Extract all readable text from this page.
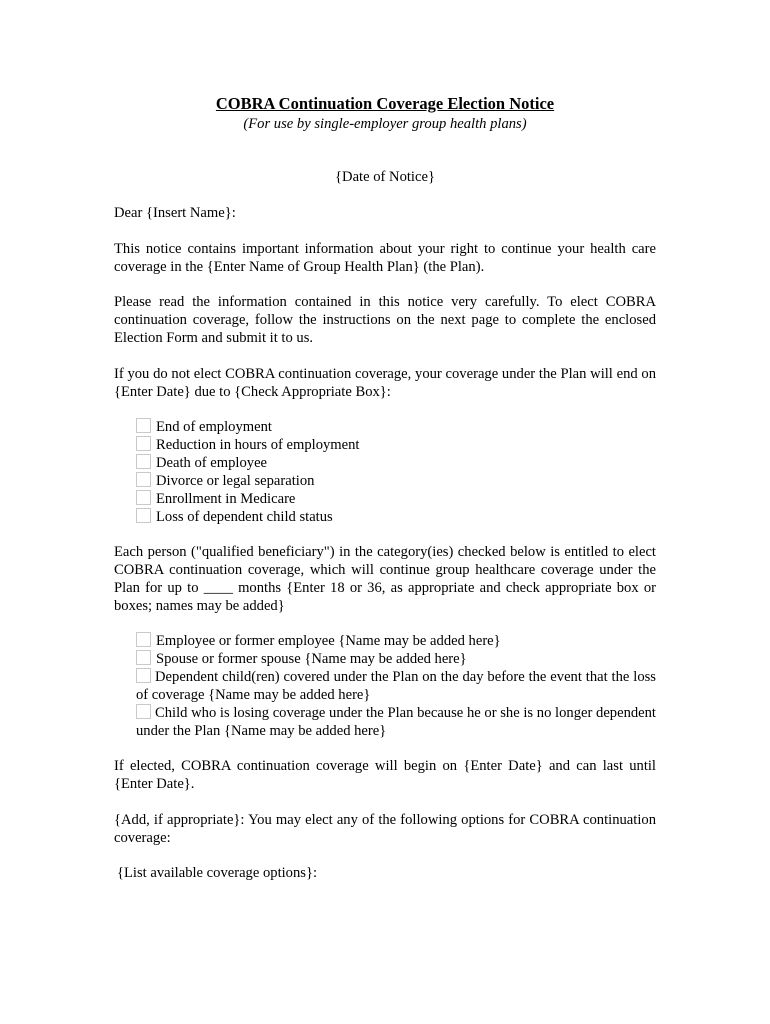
COBRA Continuation Coverage Election Notice
(For use by single-employer group health plans)
{Date of Notice}
Dear {Insert Name}:
This notice contains important information about your right to continue your health care coverage in the {Enter Name of Group Health Plan} (the Plan).
Please read the information contained in this notice very carefully. To elect COBRA continuation coverage, follow the instructions on the next page to complete the enclosed Election Form and submit it to us.
If you do not elect COBRA continuation coverage, your coverage under the Plan will end on {Enter Date} due to {Check Appropriate Box}:
End of employment
Reduction in hours of employment
Death of employee
Divorce or legal separation
Enrollment in Medicare
Loss of dependent child status
Each person ("qualified beneficiary") in the category(ies) checked below is entitled to elect COBRA continuation coverage, which will continue group healthcare coverage under the Plan for up to ____ months {Enter 18 or 36, as appropriate and check appropriate box or boxes; names may be added}
Employee or former employee {Name may be added here}
Spouse or former spouse {Name may be added here}
Dependent child(ren) covered under the Plan on the day before the event that the loss of coverage {Name may be added here}
Child who is losing coverage under the Plan because he or she is no longer dependent under the Plan {Name may be added here}
If elected, COBRA continuation coverage will begin on {Enter Date} and can last until {Enter Date}.
{Add, if appropriate}: You may elect any of the following options for COBRA continuation coverage:
{List available coverage options}:
